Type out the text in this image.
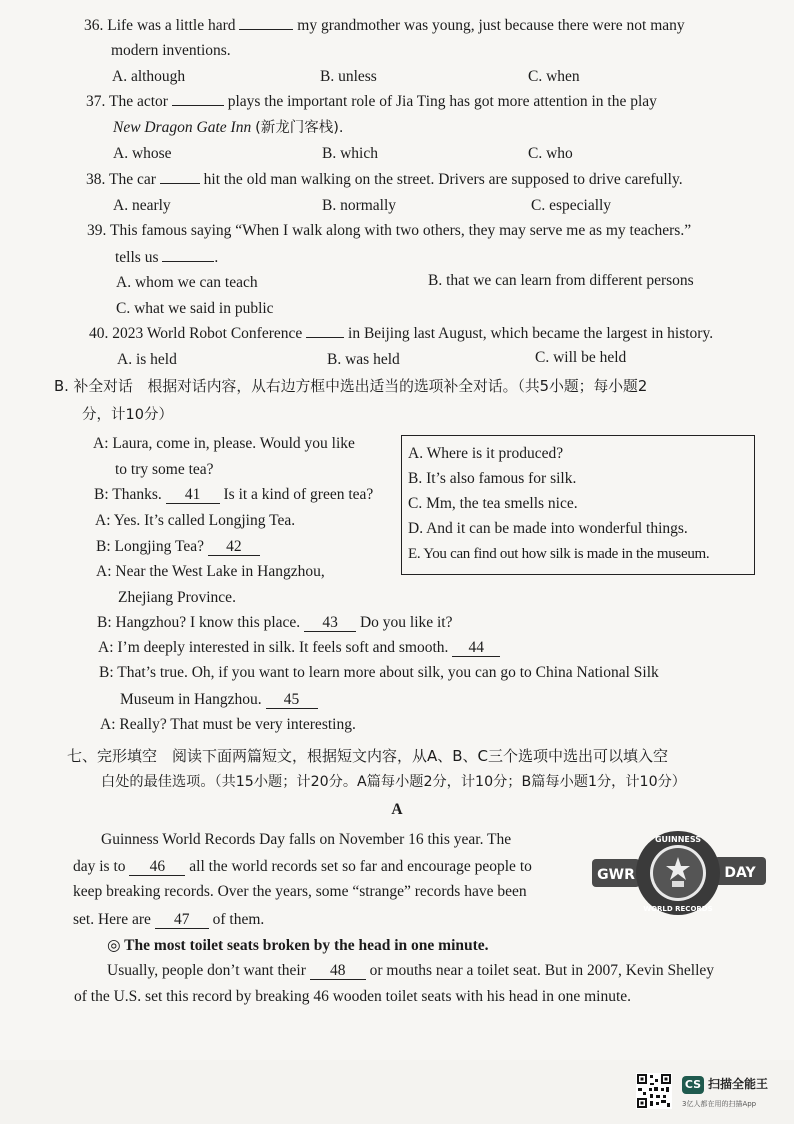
36. Life was a little hard	my grandmother was young, just because there were not many
modern inventions.
A. although	B. unless	C. when
37. The actor	plays the important role of Jia Ting has got more attention in the play
New Dragon Gate Inn (新龙门客栈).
A. whose	B. which	C. who
38. The car	hit the old man walking on the street. Drivers are supposed to drive carefully.
A. nearly	B. normally	C. especially
39. This famous saying “When I walk along with two others, they may serve me as my teachers.”
tells us	.
A. whom we can teach	B. that we can learn from different persons
C. what we said in public
40. 2023 World Robot Conference	in Beijing last August, which became the largest in history.
A. is held	B. was held	C. will be held
B. 补全对话　根据对话内容，从右边方框中选出适当的选项补全对话。（共5小题；每小题2
分，计10分）
A: Laura, come in, please. Would you like
to try some tea?
B: Thanks. 41 Is it a kind of green tea?
A: Yes. It’s called Longjing Tea.
B: Longjing Tea? 42
A: Near the West Lake in Hangzhou,
Zhejiang Province.
B: Hangzhou? I know this place. 43 Do you like it?
A: I’m deeply interested in silk. It feels soft and smooth. 44
B: That’s true. Oh, if you want to learn more about silk, you can go to China National Silk
Museum in Hangzhou. 45
A: Really? That must be very interesting.
A. Where is it produced?
B. It’s also famous for silk.
C. Mm, the tea smells nice.
D. And it can be made into wonderful things.
E. You can find out how silk is made in the museum.
七、完形填空　阅读下面两篇短文，根据短文内容，从A、B、C三个选项中选出可以填入空
白处的最佳选项。（共15小题；计20分。A篇每小题2分，计10分；B篇每小题1分，计10分）
A
Guinness World Records Day falls on November 16 this year. The
day is to 46 all the world records set so far and encourage people to
keep breaking records. Over the years, some “strange” records have been
set. Here are 47 of them.
◎ The most toilet seats broken by the head in one minute.
Usually, people don’t want their 48 or mouths near a toilet seat. But in 2007, Kevin Shelley
of the U.S. set this record by breaking 46 wooden toilet seats with his head in one minute.
GWR	DAY
GUINNESS
WORLD RECORDS
CS 扫描全能王
3亿人都在用的扫描App
